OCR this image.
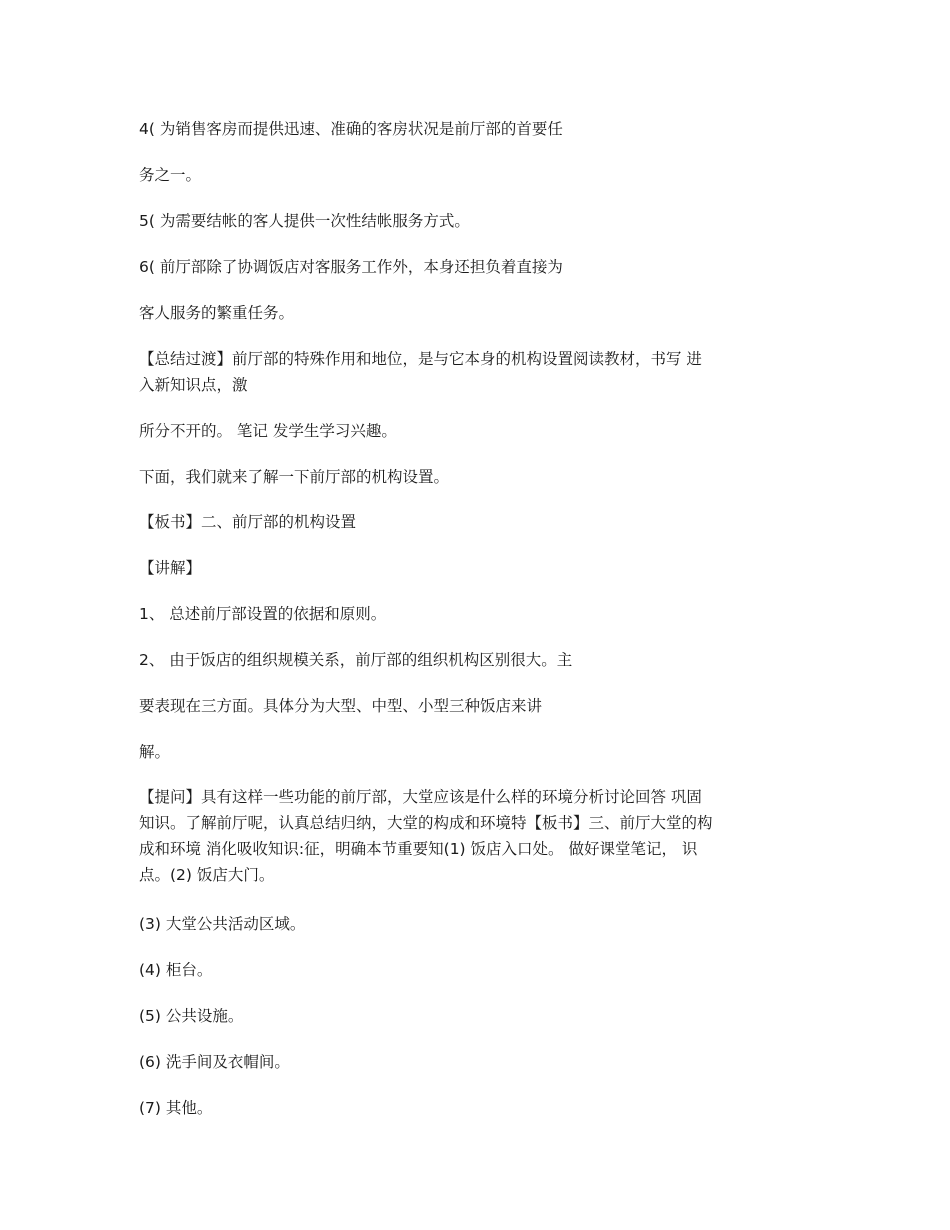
4( 为销售客房而提供迅速、准确的客房状况是前厅部的首要任
务之一。
5( 为需要结帐的客人提供一次性结帐服务方式。
6( 前厅部除了协调饭店对客服务工作外，本身还担负着直接为
客人服务的繁重任务。

【总结过渡】前厅部的特殊作用和地位，是与它本身的机构设置阅读教材，书写 进

入新知识点，激

所分不开的。 笔记 发学生学习兴趣。
下面，我们就来了解一下前厅部的机构设置。
【板书】二、前厅部的机构设置
【讲解】
1、 总述前厅部设置的依据和原则。
2、 由于饭店的组织规模关系，前厅部的组织机构区别很大。主
要表现在三方面。具体分为大型、中型、小型三种饭店来讲
解。

【提问】具有这样一些功能的前厅部，大堂应该是什么样的环境分析讨论回答 巩固

知识。了解前厅呢，认真总结归纳，大堂的构成和环境特【板书】三、前厅大堂的构

成和环境 消化吸收知识:征，明确本节重要知(1) 饭店入口处。 做好课堂笔记， 识

点。(2) 饭店大门。

(3) 大堂公共活动区域。
(4) 柜台。
(5) 公共设施。
(6) 洗手间及衣帽间。
(7) 其他。
